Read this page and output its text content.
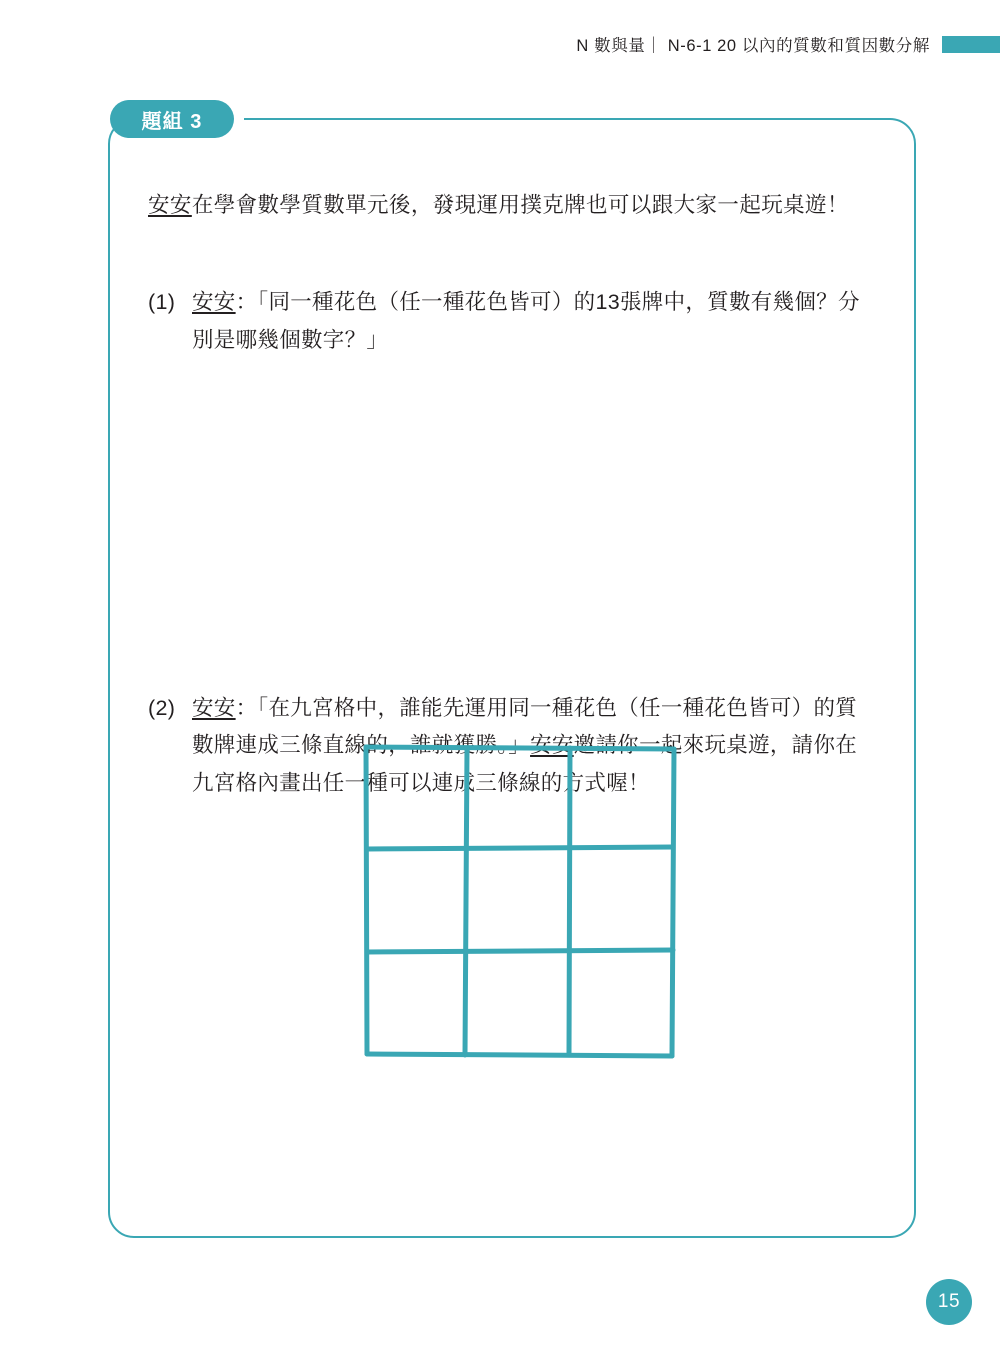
N 數與量｜ N-6-1 20 以內的質數和質因數分解
題組 3

安安在學會數學質數單元後，發現運用撲克牌也可以跟大家一起玩桌遊！

(1) 安安：「同一種花色（任一種花色皆可）的13張牌中，質數有幾個？分別是哪幾個數字？」
(2) 安安：「在九宮格中，誰能先運用同一種花色（任一種花色皆可）的質數牌連成三條直線的，誰就獲勝。」安安邀請你一起來玩桌遊，請你在九宮格內畫出任一種可以連成三條線的方式喔！
15
